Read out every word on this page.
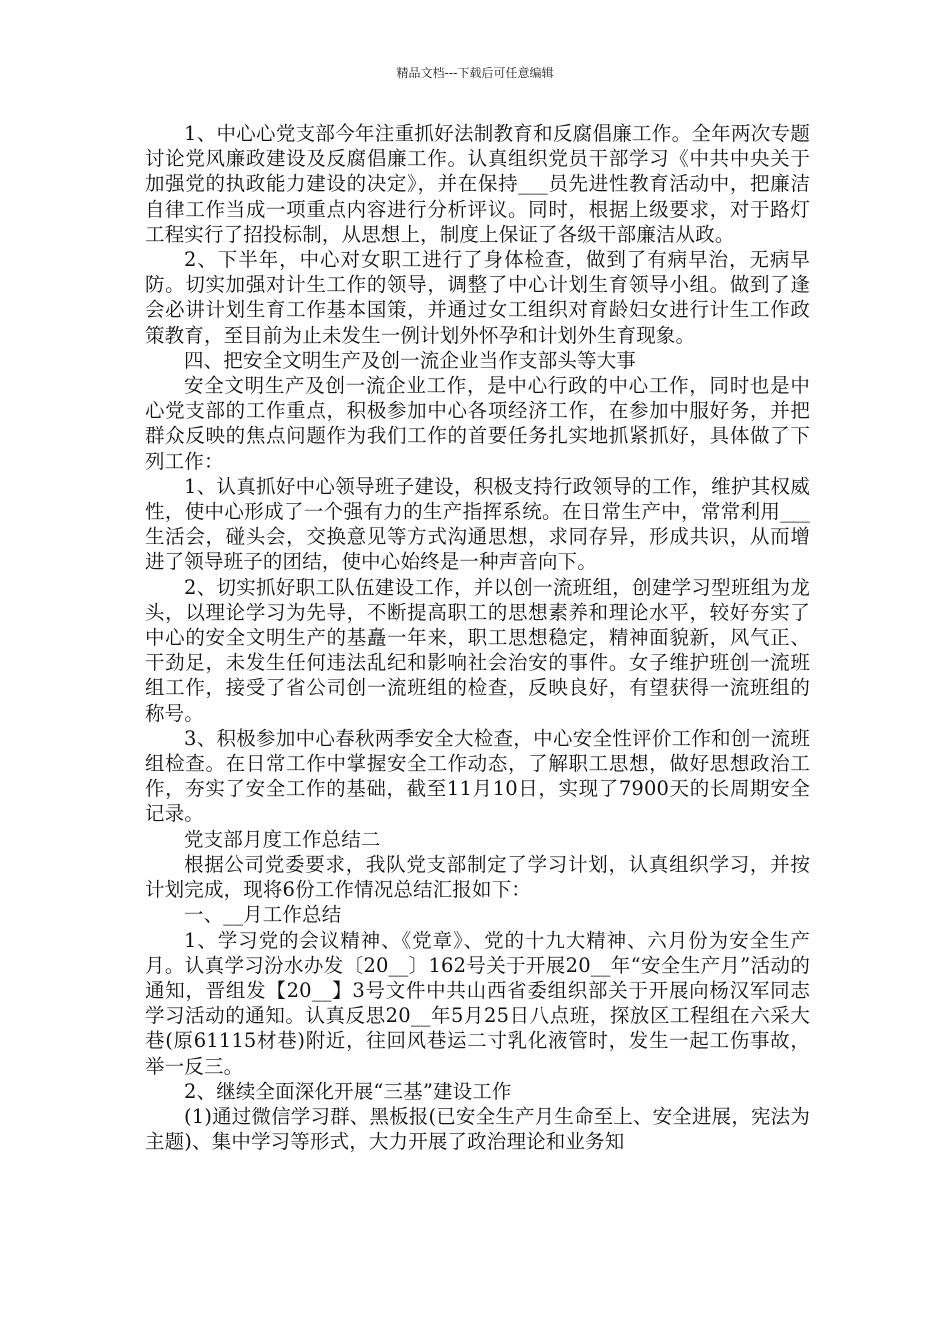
精品文档---下载后可任意编辑

1、中心心党支部今年注重抓好法制教育和反腐倡廉工作。全年两次专题讨论党风廉政建设及反腐倡廉工作。认真组织党员干部学习《中共中央关于加强党的执政能力建设的决定》，并在保持___员先进性教育活动中，把廉洁自律工作当成一项重点内容进行分析评议。同时，根据上级要求，对于路灯工程实行了招投标制，从思想上，制度上保证了各级干部廉洁从政。

2、下半年，中心对女职工进行了身体检查，做到了有病早治，无病早防。切实加强对计生工作的领导，调整了中心计划生育领导小组。做到了逢会必讲计划生育工作基本国策，并通过女工组织对育龄妇女进行计生工作政策教育，至目前为止未发生一例计划外怀孕和计划外生育现象。

四、把安全文明生产及创一流企业当作支部头等大事

安全文明生产及创一流企业工作，是中心行政的中心工作，同时也是中心党支部的工作重点，积极参加中心各项经济工作，在参加中服好务，并把群众反映的焦点问题作为我们工作的首要任务扎实地抓紧抓好，具体做了下列工作：

1、认真抓好中心领导班子建设，积极支持行政领导的工作，维护其权威性，使中心形成了一个强有力的生产指挥系统。在日常生产中，常常利用___生活会，碰头会，交换意见等方式沟通思想，求同存异，形成共识，从而增进了领导班子的团结，使中心始终是一种声音向下。

2、切实抓好职工队伍建设工作，并以创一流班组，创建学习型班组为龙头，以理论学习为先导，不断提高职工的思想素养和理论水平，较好夯实了中心的安全文明生产的基矗一年来，职工思想稳定，精神面貌新，风气正、干劲足，未发生任何违法乱纪和影响社会治安的事件。女子维护班创一流班组工作，接受了省公司创一流班组的检查，反映良好，有望获得一流班组的称号。

3、积极参加中心春秋两季安全大检查，中心安全性评价工作和创一流班组检查。在日常工作中掌握安全工作动态，了解职工思想，做好思想政治工作，夯实了安全工作的基础，截至11月10日，实现了7900天的长周期安全记录。

党支部月度工作总结二

根据公司党委要求，我队党支部制定了学习计划，认真组织学习，并按计划完成，现将6份工作情况总结汇报如下：

一、__月工作总结

1、学习党的会议精神、《党章》、党的十九大精神、六月份为安全生产月。认真学习汾水办发〔20__〕162号关于开展20__年“安全生产月”活动的通知，晋组发【20__】3号文件中共山西省委组织部关于开展向杨汉军同志学习活动的通知。认真反思20__年5月25日八点班，探放区工程组在六采大巷(原61115材巷)附近，往回风巷运二寸乳化液管时，发生一起工伤事故，举一反三。

2、继续全面深化开展“三基”建设工作

(1)通过微信学习群、黑板报(已安全生产月生命至上、安全进展，宪法为主题)、集中学习等形式，大力开展了政治理论和业务知
